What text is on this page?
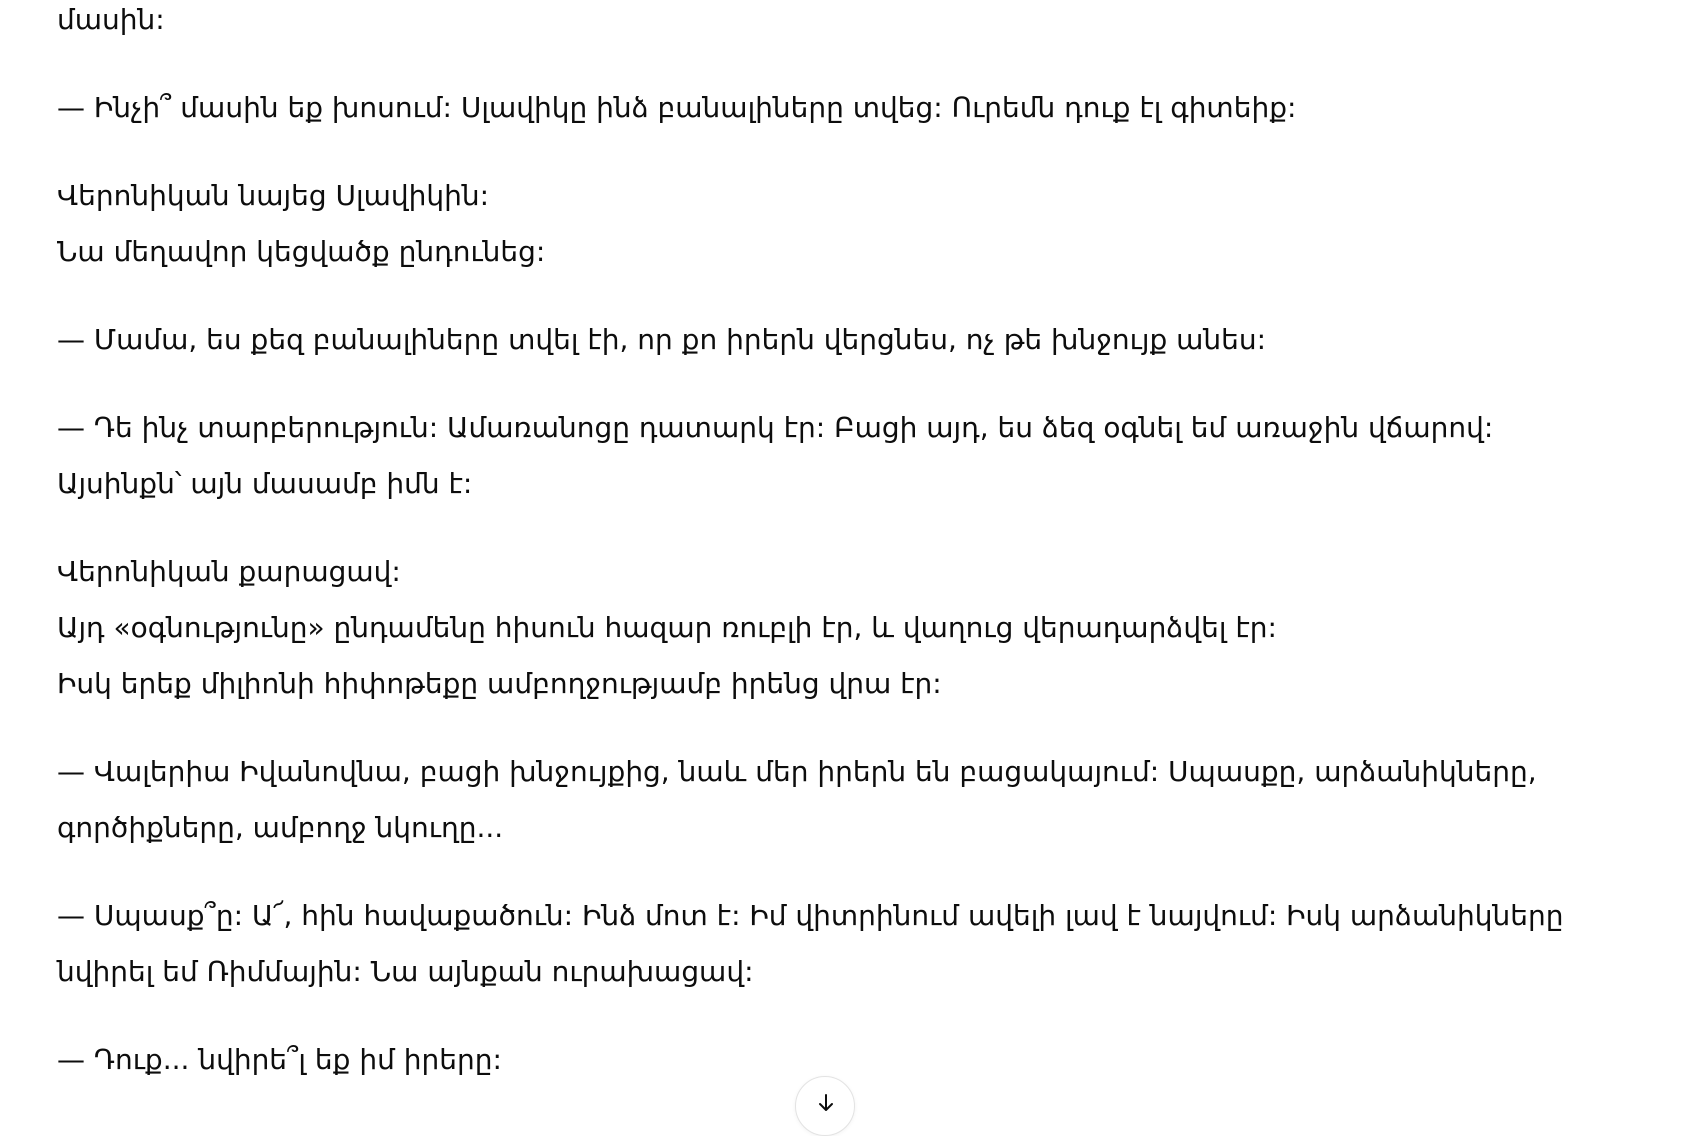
մասին:
— Ինչի՞ մասին եք խոսում: Սլավիկը ինձ բանալիները տվեց: Ուրեմն դուք էլ գիտեիք:
Վերոնիկան նայեց Սլավիկին:
Նա մեղավոր կեցվածք ընդունեց:
— Մամա, ես քեզ բանալիները տվել էի, որ քո իրերն վերցնես, ոչ թե խնջույք անես:
— Դե ինչ տարբերություն: Ամառանոցը դատարկ էր: Բացի այդ, ես ձեզ օգնել եմ առաջին վճարով:
Այսինքն՝ այն մասամբ իմն է:
Վերոնիկան քարացավ:
Այդ «օգնությունը» ընդամենը հիսուն հազար ռուբլի էր, և վաղուց վերադարձվել էր:
Իսկ երեք միլիոնի հիփոթեքը ամբողջությամբ իրենց վրա էր:
— Վալերիա Իվանովնա, բացի խնջույքից, նաև մեր իրերն են բացակայում: Սպասքը, արձանիկները,
գործիքները, ամբողջ նկուղը...
— Սպասք՞ը: Ա՜, հին հավաքածուն: Ինձ մոտ է: Իմ վիտրինում ավելի լավ է նայվում: Իսկ արձանիկները
նվիրել եմ Ռիմմային: Նա այնքան ուրախացավ:
— Դուք... նվիրե՞լ եք իմ իրերը:
